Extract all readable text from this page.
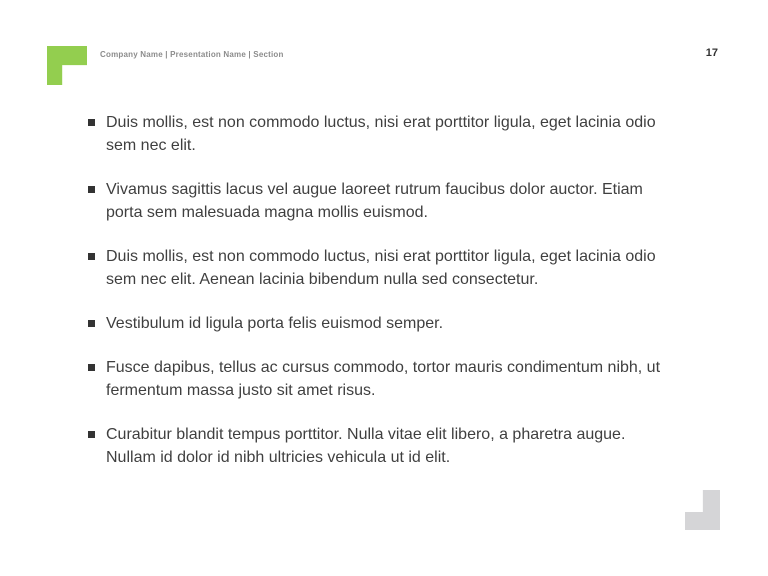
Company Name | Presentation Name | Section	17
Duis mollis, est non commodo luctus, nisi erat porttitor ligula, eget lacinia odio sem nec elit.
Vivamus sagittis lacus vel augue laoreet rutrum faucibus dolor auctor. Etiam porta sem malesuada magna mollis euismod.
Duis mollis, est non commodo luctus, nisi erat porttitor ligula, eget lacinia odio sem nec elit. Aenean lacinia bibendum nulla sed consectetur.
Vestibulum id ligula porta felis euismod semper.
Fusce dapibus, tellus ac cursus commodo, tortor mauris condimentum nibh, ut fermentum massa justo sit amet risus.
Curabitur blandit tempus porttitor. Nulla vitae elit libero, a pharetra augue. Nullam id dolor id nibh ultricies vehicula ut id elit.
